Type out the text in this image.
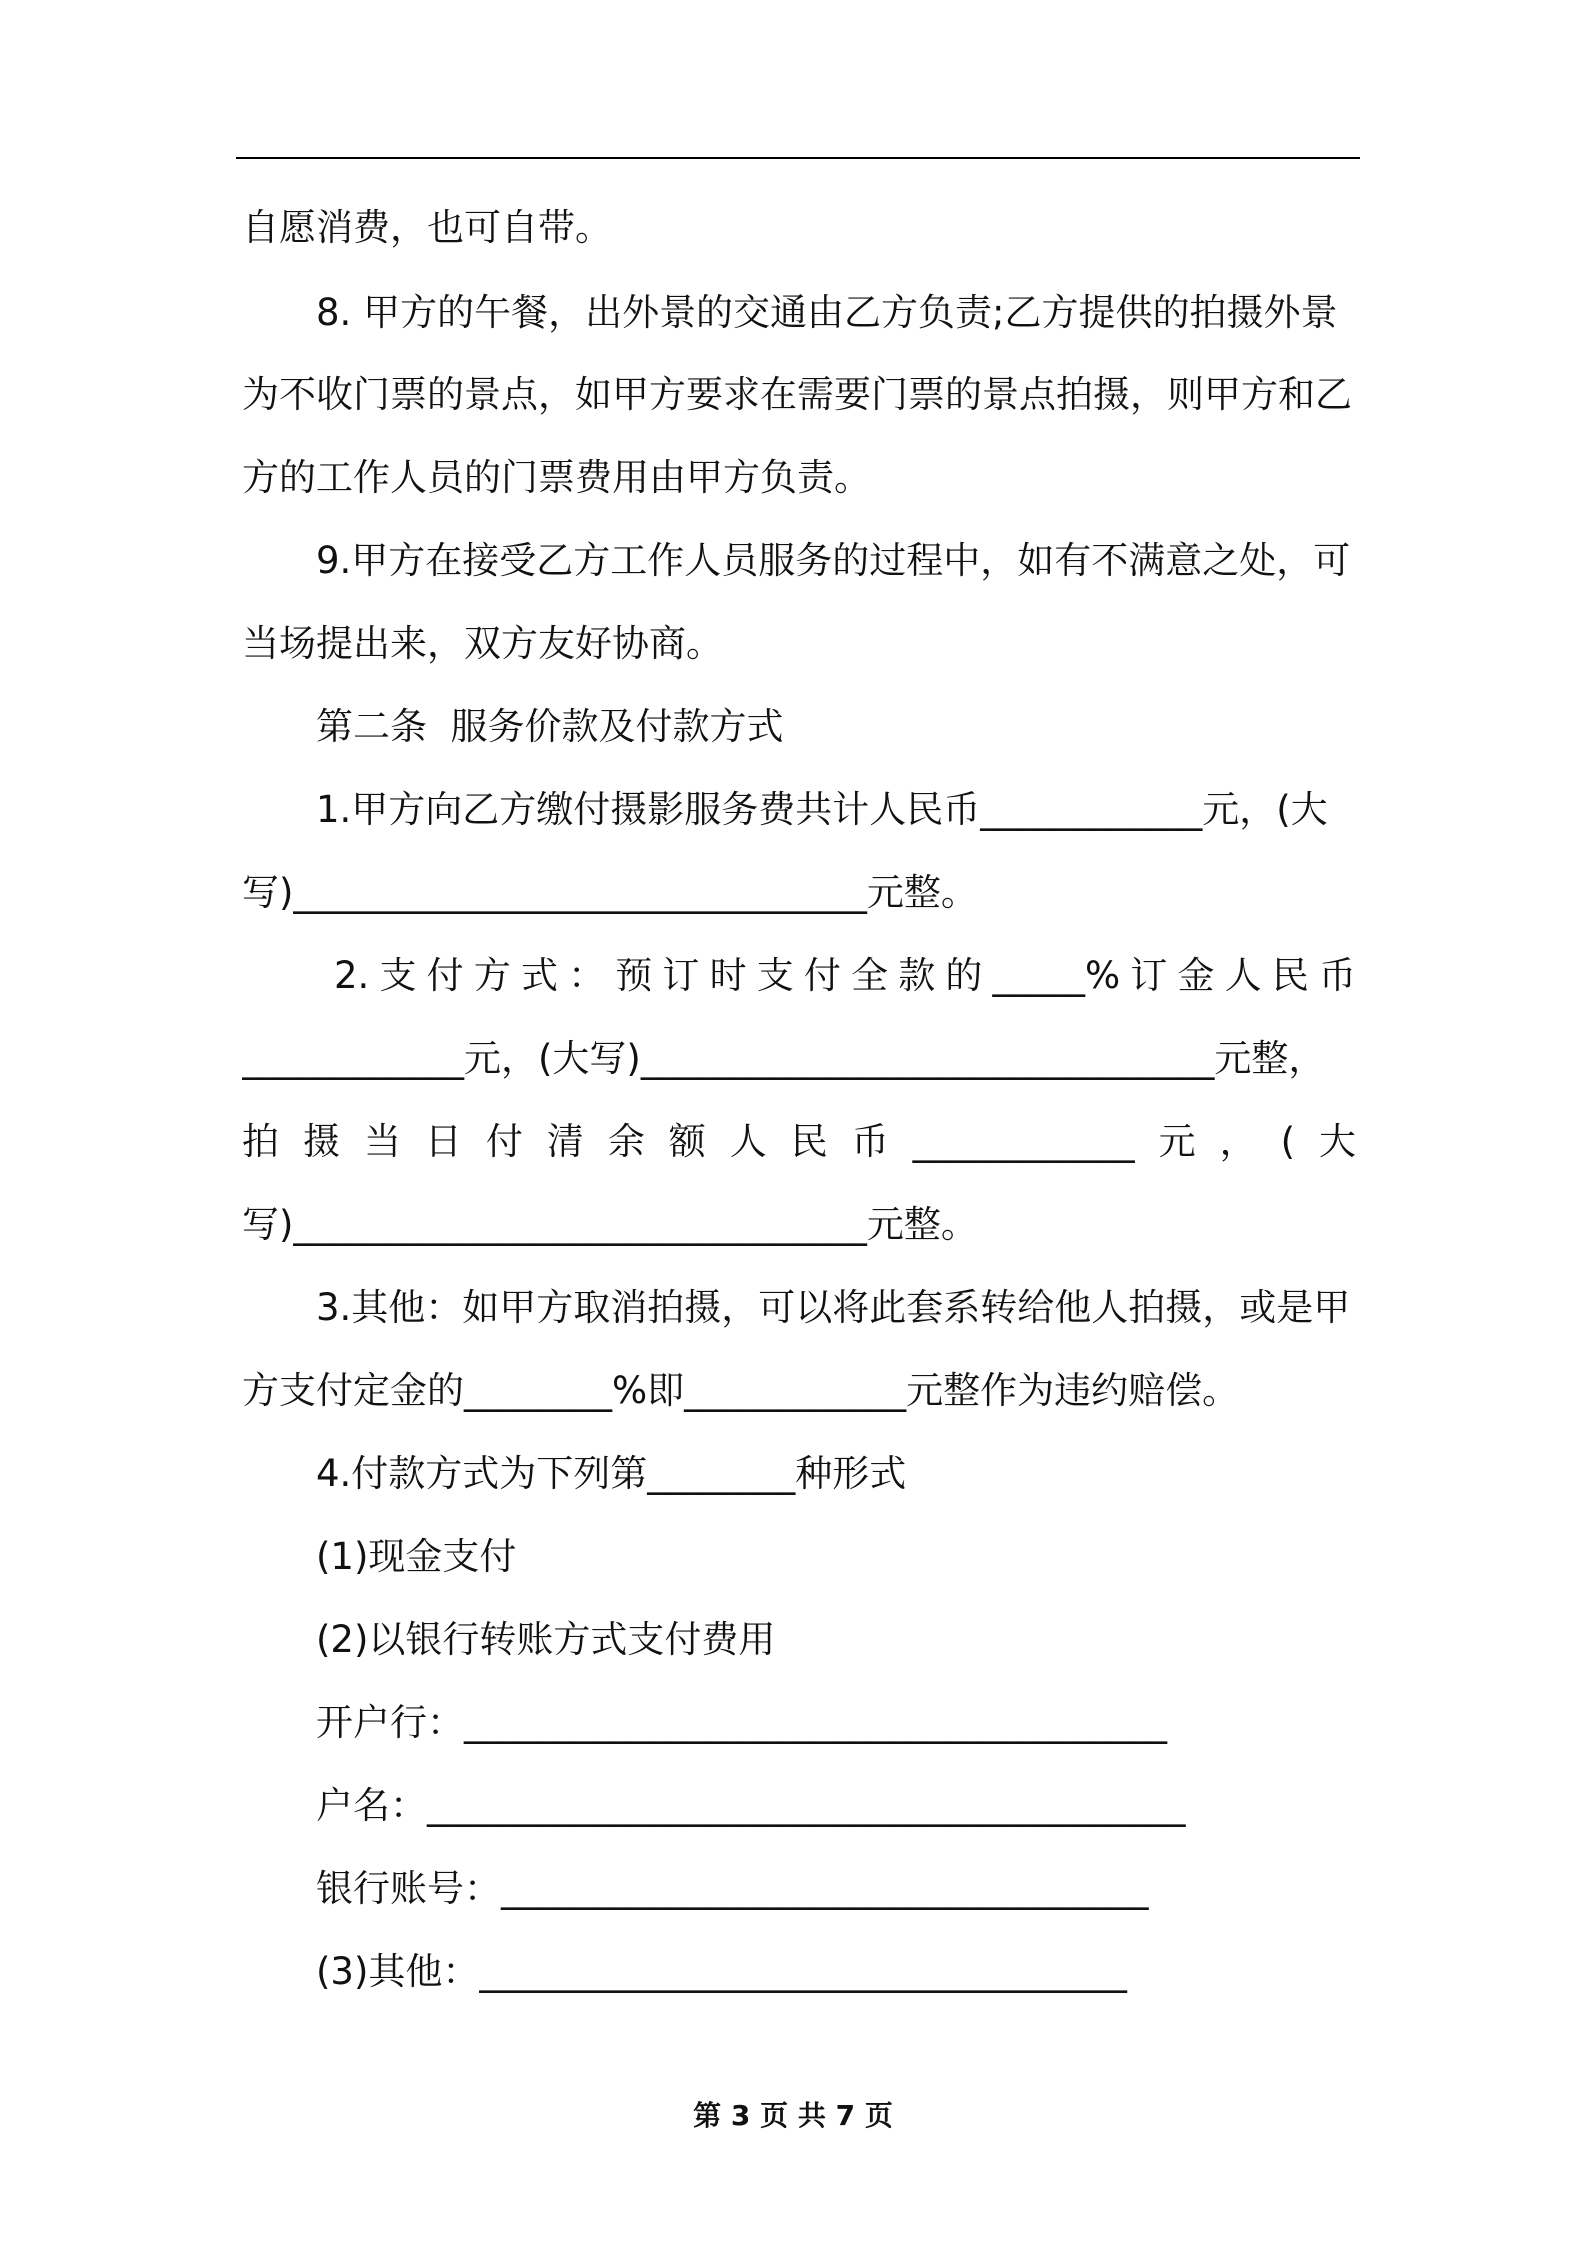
自愿消费，也可自带。
8. 甲方的午餐，出外景的交通由乙方负责;乙方提供的拍摄外景
为不收门票的景点，如甲方要求在需要门票的景点拍摄，则甲方和乙
方的工作人员的门票费用由甲方负责。
9.甲方在接受乙方工作人员服务的过程中，如有不满意之处，可
当场提出来，双方友好协商。
第二条  服务价款及付款方式
1.甲方向乙方缴付摄影服务费共计人民币____________元，(大
写)_______________________________元整。
2.支付方式：预订时支付全款的_____%订金人民币
____________元，(大写)_______________________________元整，
拍摄当日付清余额人民币____________元，(大
写)_______________________________元整。
3.其他：如甲方取消拍摄，可以将此套系转给他人拍摄，或是甲
方支付定金的________%即____________元整作为违约赔偿。
4.付款方式为下列第________种形式
(1)现金支付
(2)以银行转账方式支付费用
开户行：______________________________________
户名：_________________________________________
银行账号：___________________________________
(3)其他：___________________________________
第 3 页 共 7 页
